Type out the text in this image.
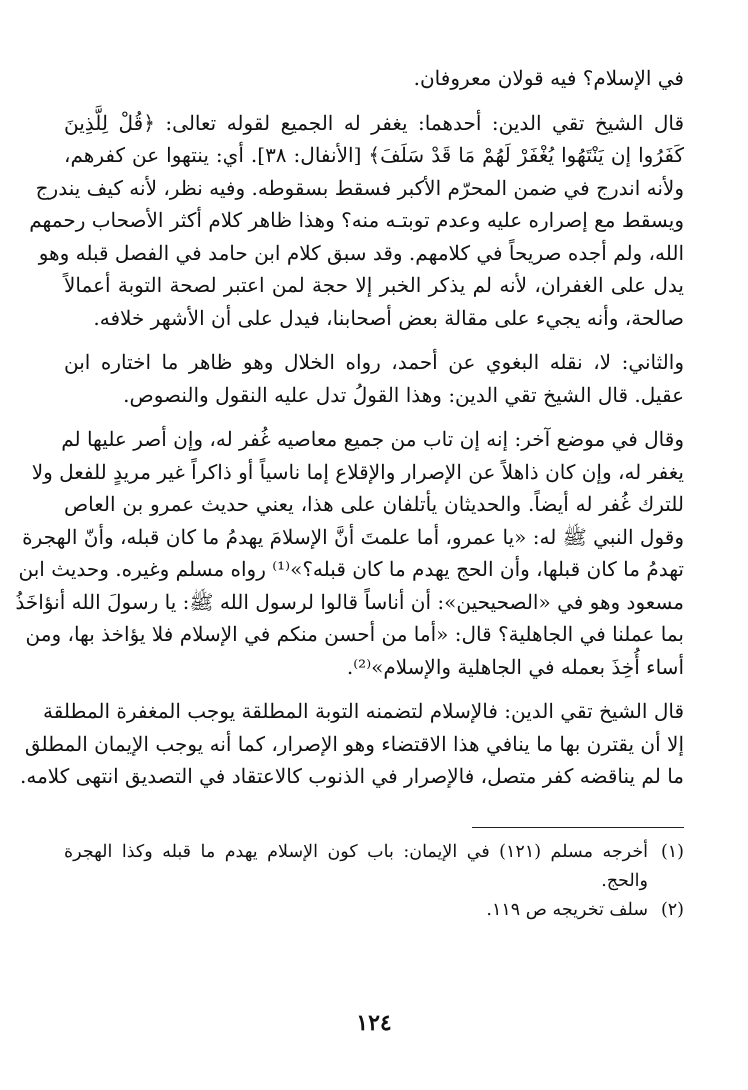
في الإسلام؟ فيه قولان معروفان.

قال الشيخ تقي الدين: أحدهما: يغفر له الجميع لقوله تعالى: ﴿قُلْ لِلَّذِينَ

كَفَرُوا إن يَنْتَهُوا يُغْفَرْ لَهُمْ مَا قَدْ سَلَفَ﴾ [الأنفال: ٣٨]. أي: ينتهوا عن كفرهم،

ولأنه اندرج في ضمن المحرّم الأكبر فسقط بسقوطه. وفيه نظر، لأنه كيف يندرج

ويسقط مع إصراره عليه وعدم توبتـه منه؟ وهذا ظاهر كلام أكثر الأصحاب رحمهم

الله، ولم أجده صريحاً في كلامهم. وقد سبق كلام ابن حامد في الفصل قبله وهو

يدل على الغفران، لأنه لم يذكر الخبر إلا حجة لمن اعتبر لصحة التوبة أعمالاً

صالحة، وأنه يجيء على مقالة بعض أصحابنا، فيدل على أن الأشهر خلافه.

والثاني: لا، نقله البغوي عن أحمد، رواه الخلال وهو ظاهر ما اختاره ابن

عقيل. قال الشيخ تقي الدين: وهذا القولُ تدل عليه النقول والنصوص.

وقال في موضع آخر: إنه إن تاب من جميع معاصيه غُفر له، وإن أصر عليها لم

يغفر له، وإن كان ذاهلاً عن الإصرار والإقلاع إما ناسياً أو ذاكراً غير مريدٍ للفعل ولا

للترك غُفر له أيضاً. والحديثان يأتلفان على هذا، يعني حديث عمرو بن العاص

وقول النبي ﷺ له: «يا عمرو، أما علمتَ أنَّ الإسلامَ يهدمُ ما كان قبله، وأنّ الهجرة

تهدمُ ما كان قبلها، وأن الحج يهدم ما كان قبله؟»⁽¹⁾ رواه مسلم وغيره. وحديث ابن

مسعود وهو في «الصحيحين»: أن أناساً قالوا لرسول الله ﷺ: يا رسولَ الله أنؤاخَذُ

بما عملنا في الجاهلية؟ قال: «أما من أحسن منكم في الإسلام فلا يؤاخذ بها، ومن

أساء أُخِذَ بعمله في الجاهلية والإسلام»⁽²⁾.

قال الشيخ تقي الدين: فالإسلام لتضمنه التوبة المطلقة يوجب المغفرة المطلقة

إلا أن يقترن بها ما ينافي هذا الاقتضاء وهو الإصرار، كما أنه يوجب الإيمان المطلق

ما لم يناقضه كفر متصل، فالإصرار في الذنوب كالاعتقاد في التصديق انتهى كلامه.

(١)أخرجه مسلم (١٢١) في الإيمان: باب كون الإسلام يهدم ما قبله وكذا الهجرة
والحج.
(٢)سلف تخريجه ص ١١٩.
١٢٤
